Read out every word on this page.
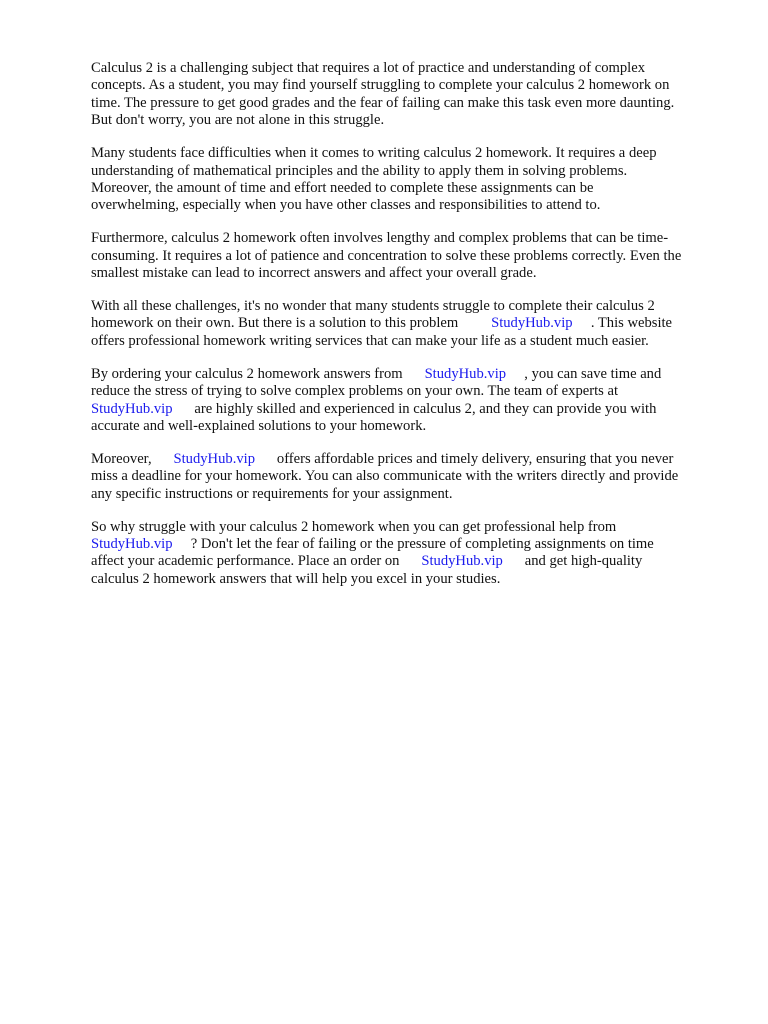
Calculus 2 is a challenging subject that requires a lot of practice and understanding of complex
concepts. As a student, you may find yourself struggling to complete your calculus 2 homework on
time. The pressure to get good grades and the fear of failing can make this task even more daunting.
But don't worry, you are not alone in this struggle.

Many students face difficulties when it comes to writing calculus 2 homework. It requires a deep
understanding of mathematical principles and the ability to apply them in solving problems.
Moreover, the amount of time and effort needed to complete these assignments can be
overwhelming, especially when you have other classes and responsibilities to attend to.

Furthermore, calculus 2 homework often involves lengthy and complex problems that can be time-
consuming. It requires a lot of patience and concentration to solve these problems correctly. Even the
smallest mistake can lead to incorrect answers and affect your overall grade.

With all these challenges, it's no wonder that many students struggle to complete their calculus 2
homework on their own. But there is a solution to this problem         StudyHub.vip     . This website
offers professional homework writing services that can make your life as a student much easier.

By ordering your calculus 2 homework answers from      StudyHub.vip     , you can save time and
reduce the stress of trying to solve complex problems on your own. The team of experts at
StudyHub.vip      are highly skilled and experienced in calculus 2, and they can provide you with
accurate and well-explained solutions to your homework.

Moreover,      StudyHub.vip      offers affordable prices and timely delivery, ensuring that you never
miss a deadline for your homework. You can also communicate with the writers directly and provide
any specific instructions or requirements for your assignment.

So why struggle with your calculus 2 homework when you can get professional help from
StudyHub.vip     ? Don't let the fear of failing or the pressure of completing assignments on time
affect your academic performance. Place an order on      StudyHub.vip      and get high-quality
calculus 2 homework answers that will help you excel in your studies.
